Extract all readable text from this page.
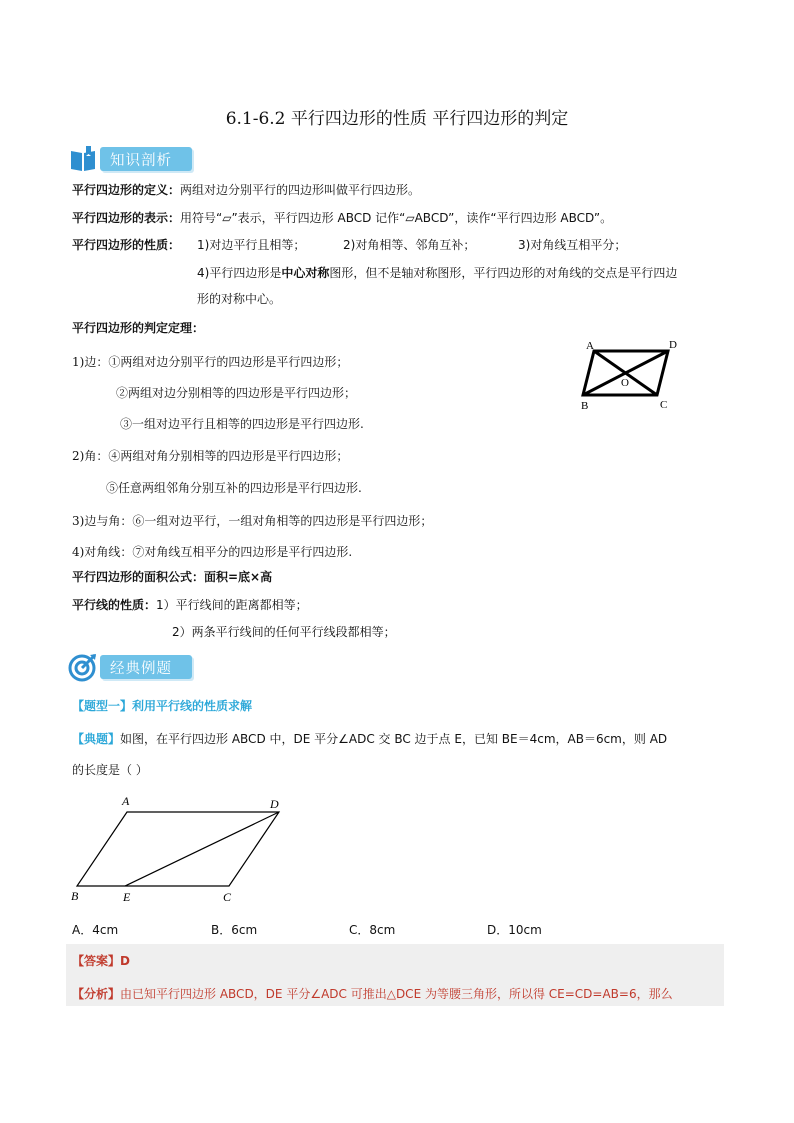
6.1-6.2 平行四边形的性质 平行四边形的判定
知识剖析
平行四边形的定义：两组对边分别平行的四边形叫做平行四边形。
平行四边形的表示：用符号“▱”表示，平行四边形 ABCD 记作“▱ABCD”，读作“平行四边形 ABCD”。
平行四边形的性质： 1)对边平行且相等；	2)对角相等、邻角互补；	3)对角线互相平分；
4)平行四边形是中心对称图形，但不是轴对称图形，平行四边形的对角线的交点是平行四边
形的对称中心。
平行四边形的判定定理：
1)边：①两组对边分别平行的四边形是平行四边形；
②两组对边分别相等的四边形是平行四边形；
③一组对边平行且相等的四边形是平行四边形.
2)角：④两组对角分别相等的四边形是平行四边形；
⑤任意两组邻角分别互补的四边形是平行四边形.
3)边与角：⑥一组对边平行，一组对角相等的四边形是平行四边形；
4)对角线：⑦对角线互相平分的四边形是平行四边形.
A	D
B	C
O
平行四边形的面积公式：面积=底×高
平行线的性质：1）平行线间的距离都相等；
2）两条平行线间的任何平行线段都相等；
经典例题
【题型一】利用平行线的性质求解
【典题】如图，在平行四边形 ABCD 中，DE 平分∠ADC 交 BC 边于点 E，已知 BE＝4cm，AB＝6cm，则 AD
的长度是（ ）
A	D
B	E	C
A．4cm	B．6cm	C．8cm	D．10cm
【答案】D
【分析】由已知平行四边形 ABCD，DE 平分∠ADC 可推出△DCE 为等腰三角形，所以得 CE=CD=AB=6，那么
